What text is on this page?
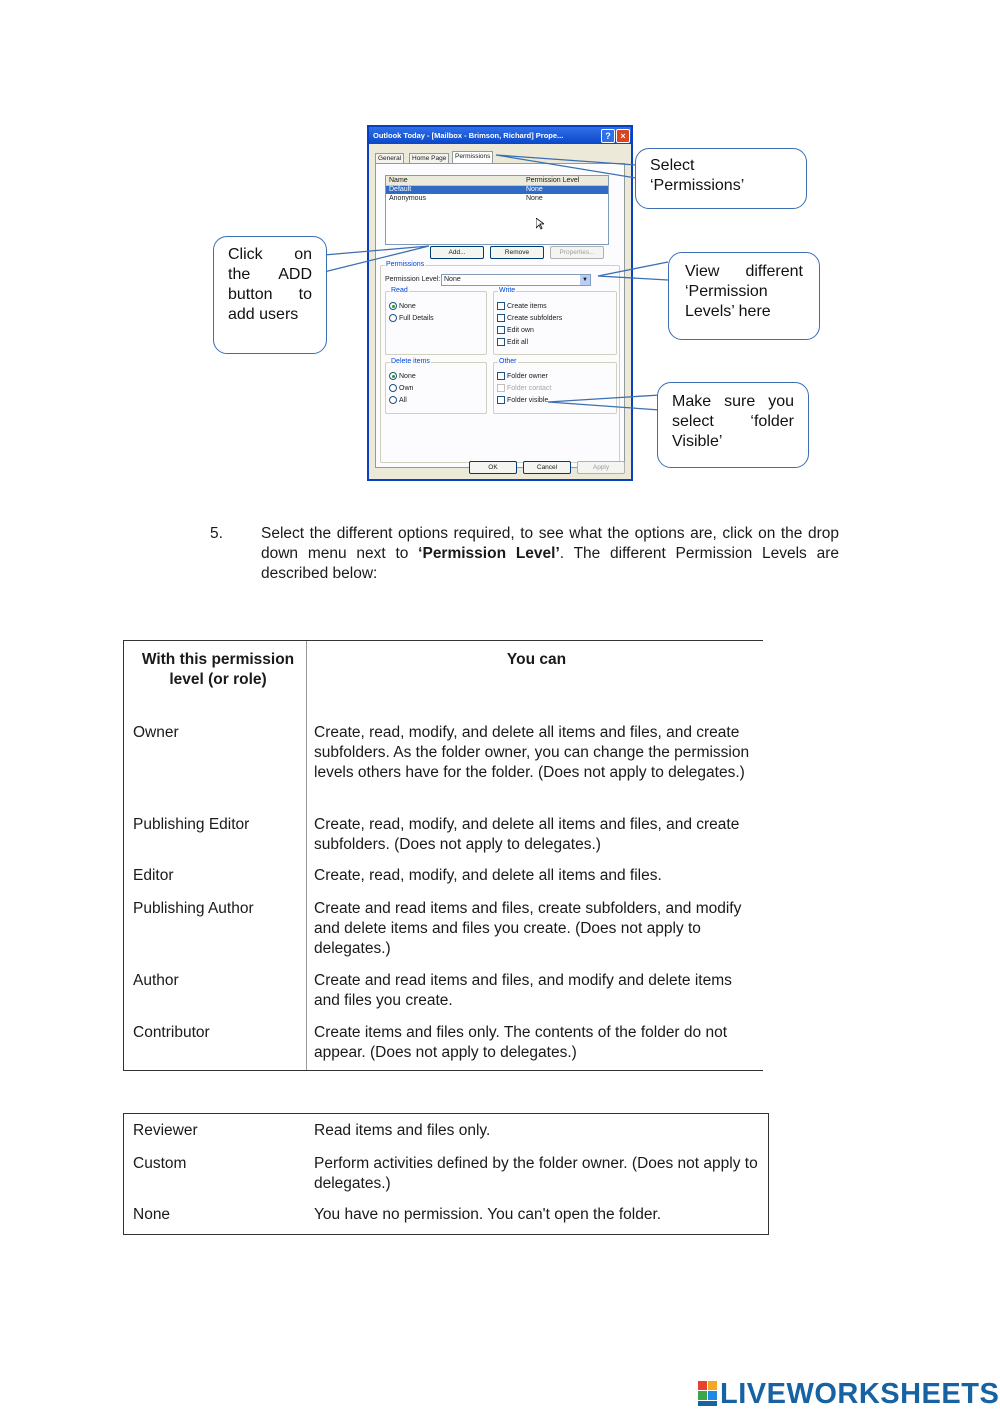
Outlook Today - [Mailbox - Brimson, Richard] Prope...	?	×
General	Home Page	Permissions
Name	Permission Level
Default	None
Anonymous	None
Add...	Remove	Properties...
Permissions
Permission Level: None	▼
Read
None
Full Details
Write
Create items
Create subfolders
Edit own
Edit all
Delete items
None
Own
All
Other
Folder owner
Folder contact
Folder visible
OK	Cancel	Apply
Select
‘Permissions’
Click on
the ADD
button to
add users
View different
‘Permission
Levels’ here
Make sure you
select ‘folder
Visible’
5. Select the different options required, to see what the options are, click on the drop down menu next to ‘Permission Level’. The different Permission Levels are described below:
With this permission level (or role)
You can
Owner	Create, read, modify, and delete all items and files, and create subfolders. As the folder owner, you can change the permission levels others have for the folder. (Does not apply to delegates.)
Publishing Editor	Create, read, modify, and delete all items and files, and create subfolders. (Does not apply to delegates.)
Editor	Create, read, modify, and delete all items and files.
Publishing Author	Create and read items and files, create subfolders, and modify and delete items and files you create. (Does not apply to delegates.)
Author	Create and read items and files, and modify and delete items and files you create.
Contributor	Create items and files only. The contents of the folder do not appear. (Does not apply to delegates.)
Reviewer	Read items and files only.
Custom	Perform activities defined by the folder owner. (Does not apply to delegates.)
None	You have no permission. You can't open the folder.
LIVEWORKSHEETS
